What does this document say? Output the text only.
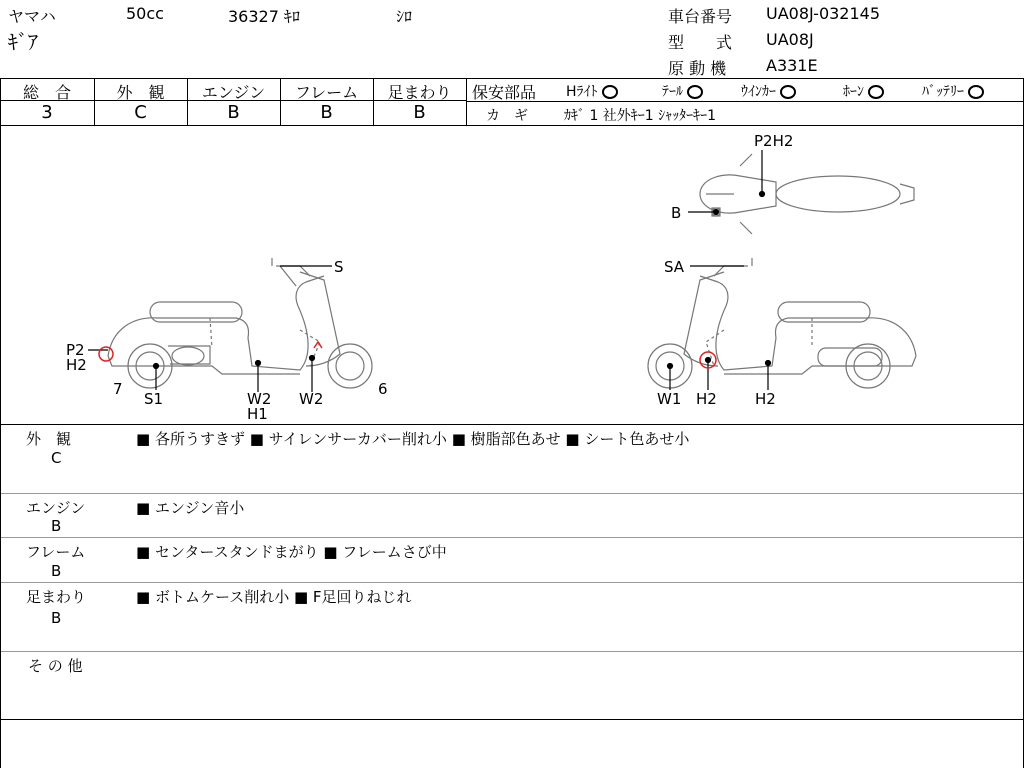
ヤマハ	50cc	36327 ｷﾛ	ｼﾛ
ｷﾞｱ
車台番号 UA08J-032145
型　　式 UA08J
原 動 機 A331E
総　合	外　観	エンジン	フレーム	足まわり
3	C	B	B	B
保安部品 Hﾗｲﾄ	ﾃｰﾙ	ｳｲﾝｶｰ	ﾎｰﾝ	ﾊﾞｯﾃﾘｰ
カ　ギ	ｶｷﾞ 1 社外ｷｰ1 ｼｬｯﾀｰｷｰ1
P2H2
B
S
P2
H2
7
S1	W2
H1
W2
6
SA
W1 H2	H2
外　観
C
■ 各所うすきず ■ サイレンサーカバー削れ小 ■ 樹脂部色あせ ■ シート色あせ小
エンジン
B
■ エンジン音小
フレーム
B
■ センタースタンドまがり ■ フレームさび中
足まわり
B
■ ボトムケース削れ小 ■ F足回りねじれ
そ の 他
